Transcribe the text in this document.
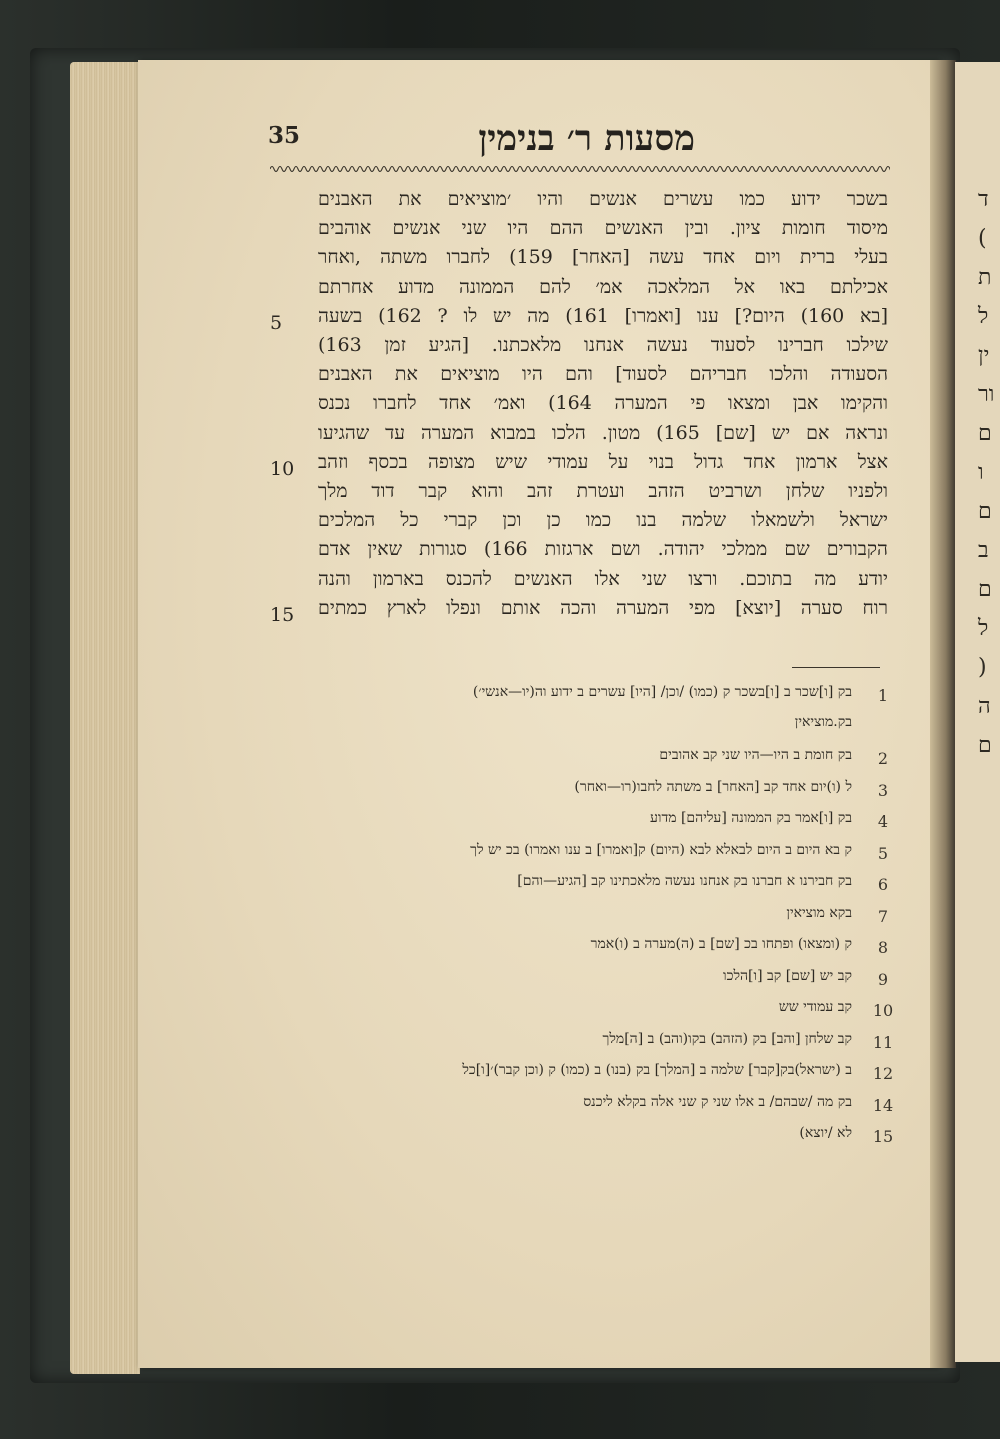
ד
(
ת
ל
ין
ור
ם
ו
ם
ב
ם
ל
)
ה
ם
35	מסעות ר׳ בנימין
בשכר ידוע כמו עשרים אנשים והיו ׳מוציאים את האבנים
מיסוד חומות ציון. ובין האנשים ההם היו שני אנשים אוהבים
בעלי ברית ויום אחד עשה [האחר] 159) לחברו משתה ,ואחר
אכילתם באו אל המלאכה אמ׳ להם הממונה מדוע אחרתם
[בא 160) היום?] ענו [ואמרו] 161) מה יש לו ? 162) בשעה
שילכו חברינו לסעוד נעשה אנחנו מלאכתנו. [הגיע זמן 163)
הסעודה והלכו חבריהם לסעוד] והם היו מוציאים את האבנים
והקימו אבן ומצאו פי המערה 164) ואמ׳ אחד לחברו נכנס
ונראה אם יש [שם] 165) מטון. הלכו במבוא המערה עד שהגיעו
אצל ארמון אחד גדול בנוי על עמודי שיש מצופה בכסף וזהב
ולפניו שלחן ושרביט הזהב ועטרת זהב והוא קבר דוד מלך
ישראל ולשמאלו שלמה בנו כמו כן וכן קברי כל המלכים
הקבורים שם ממלכי יהודה. ושם ארגזות 166) סגורות שאין אדם
יודע מה בתוכם. ורצו שני אלו האנשים להכנס בארמון והנה
רוח סערה [יוצא] מפי המערה והכה אותם ונפלו לארץ כמתים
5
10
15
1
בק [ו]שכר ב [ו]בשכר ק (כמו) /וכן/ [היו] עשרים ב ידוע וה(יו—אנשי׳)
בק.מוציאין
2
בק חומת ב היו—היו שני קב אהובים
3
ל (ו)יום אחד קב [האחר] ב משתה לחבו(רו—ואחר)
4
בק [ו]אמר בק הממונה [עליהם] מדוע
5
ק בא היום ב היום לבאלא לבא (היום) ק[ואמרו] ב ענו ואמרו) בכ יש לך
6
בק חבירנו א חברנו בק אנחנו נעשה מלאכתינו קב [הגיע—והם]
7
בקא מוציאין
8
ק (ומצאו) ופתחו בכ [שם] ב (ה)מערה ב (ו)אמר
9
קב יש [שם] קב [ו]הלכו
10
קב עמודי שש
11
קב שלחן [והב] בק (הזהב) בקו(והב) ב [ה]מלך
12
ב (ישראל)בק[קבר] שלמה ב [המלך] בק (בנו) ב (כמו) ק (וכן קבר)׳[ו]כל
14
בק מה /שבהם/ ב אלו שני ק שני אלה בקלא ליכנס
15
לא /יוצא)
